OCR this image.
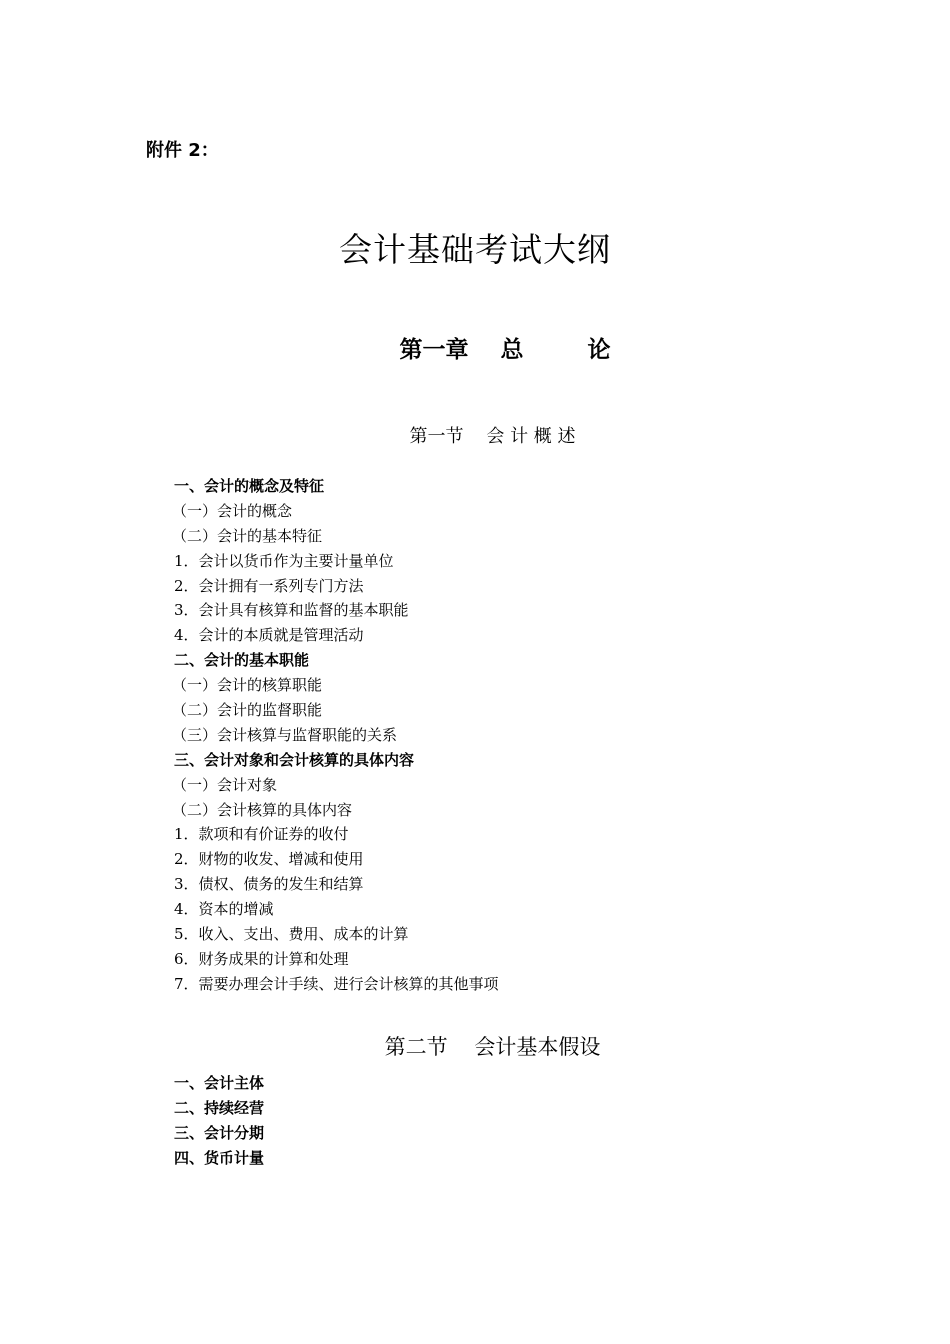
附件 2：
会计基础考试大纲
第一章    总        论
第一节    会 计 概 述
一、会计的概念及特征
（一）会计的概念
（二）会计的基本特征
1．会计以货币作为主要计量单位
2．会计拥有一系列专门方法
3．会计具有核算和监督的基本职能
4．会计的本质就是管理活动
二、会计的基本职能
（一）会计的核算职能
（二）会计的监督职能
（三）会计核算与监督职能的关系
三、会计对象和会计核算的具体内容
（一）会计对象
（二）会计核算的具体内容
1．款项和有价证券的收付
2．财物的收发、增减和使用
3．债权、债务的发生和结算
4．资本的增减
5．收入、支出、费用、成本的计算
6．财务成果的计算和处理
7．需要办理会计手续、进行会计核算的其他事项
第二节    会计基本假设
一、会计主体
二、持续经营
三、会计分期
四、货币计量
